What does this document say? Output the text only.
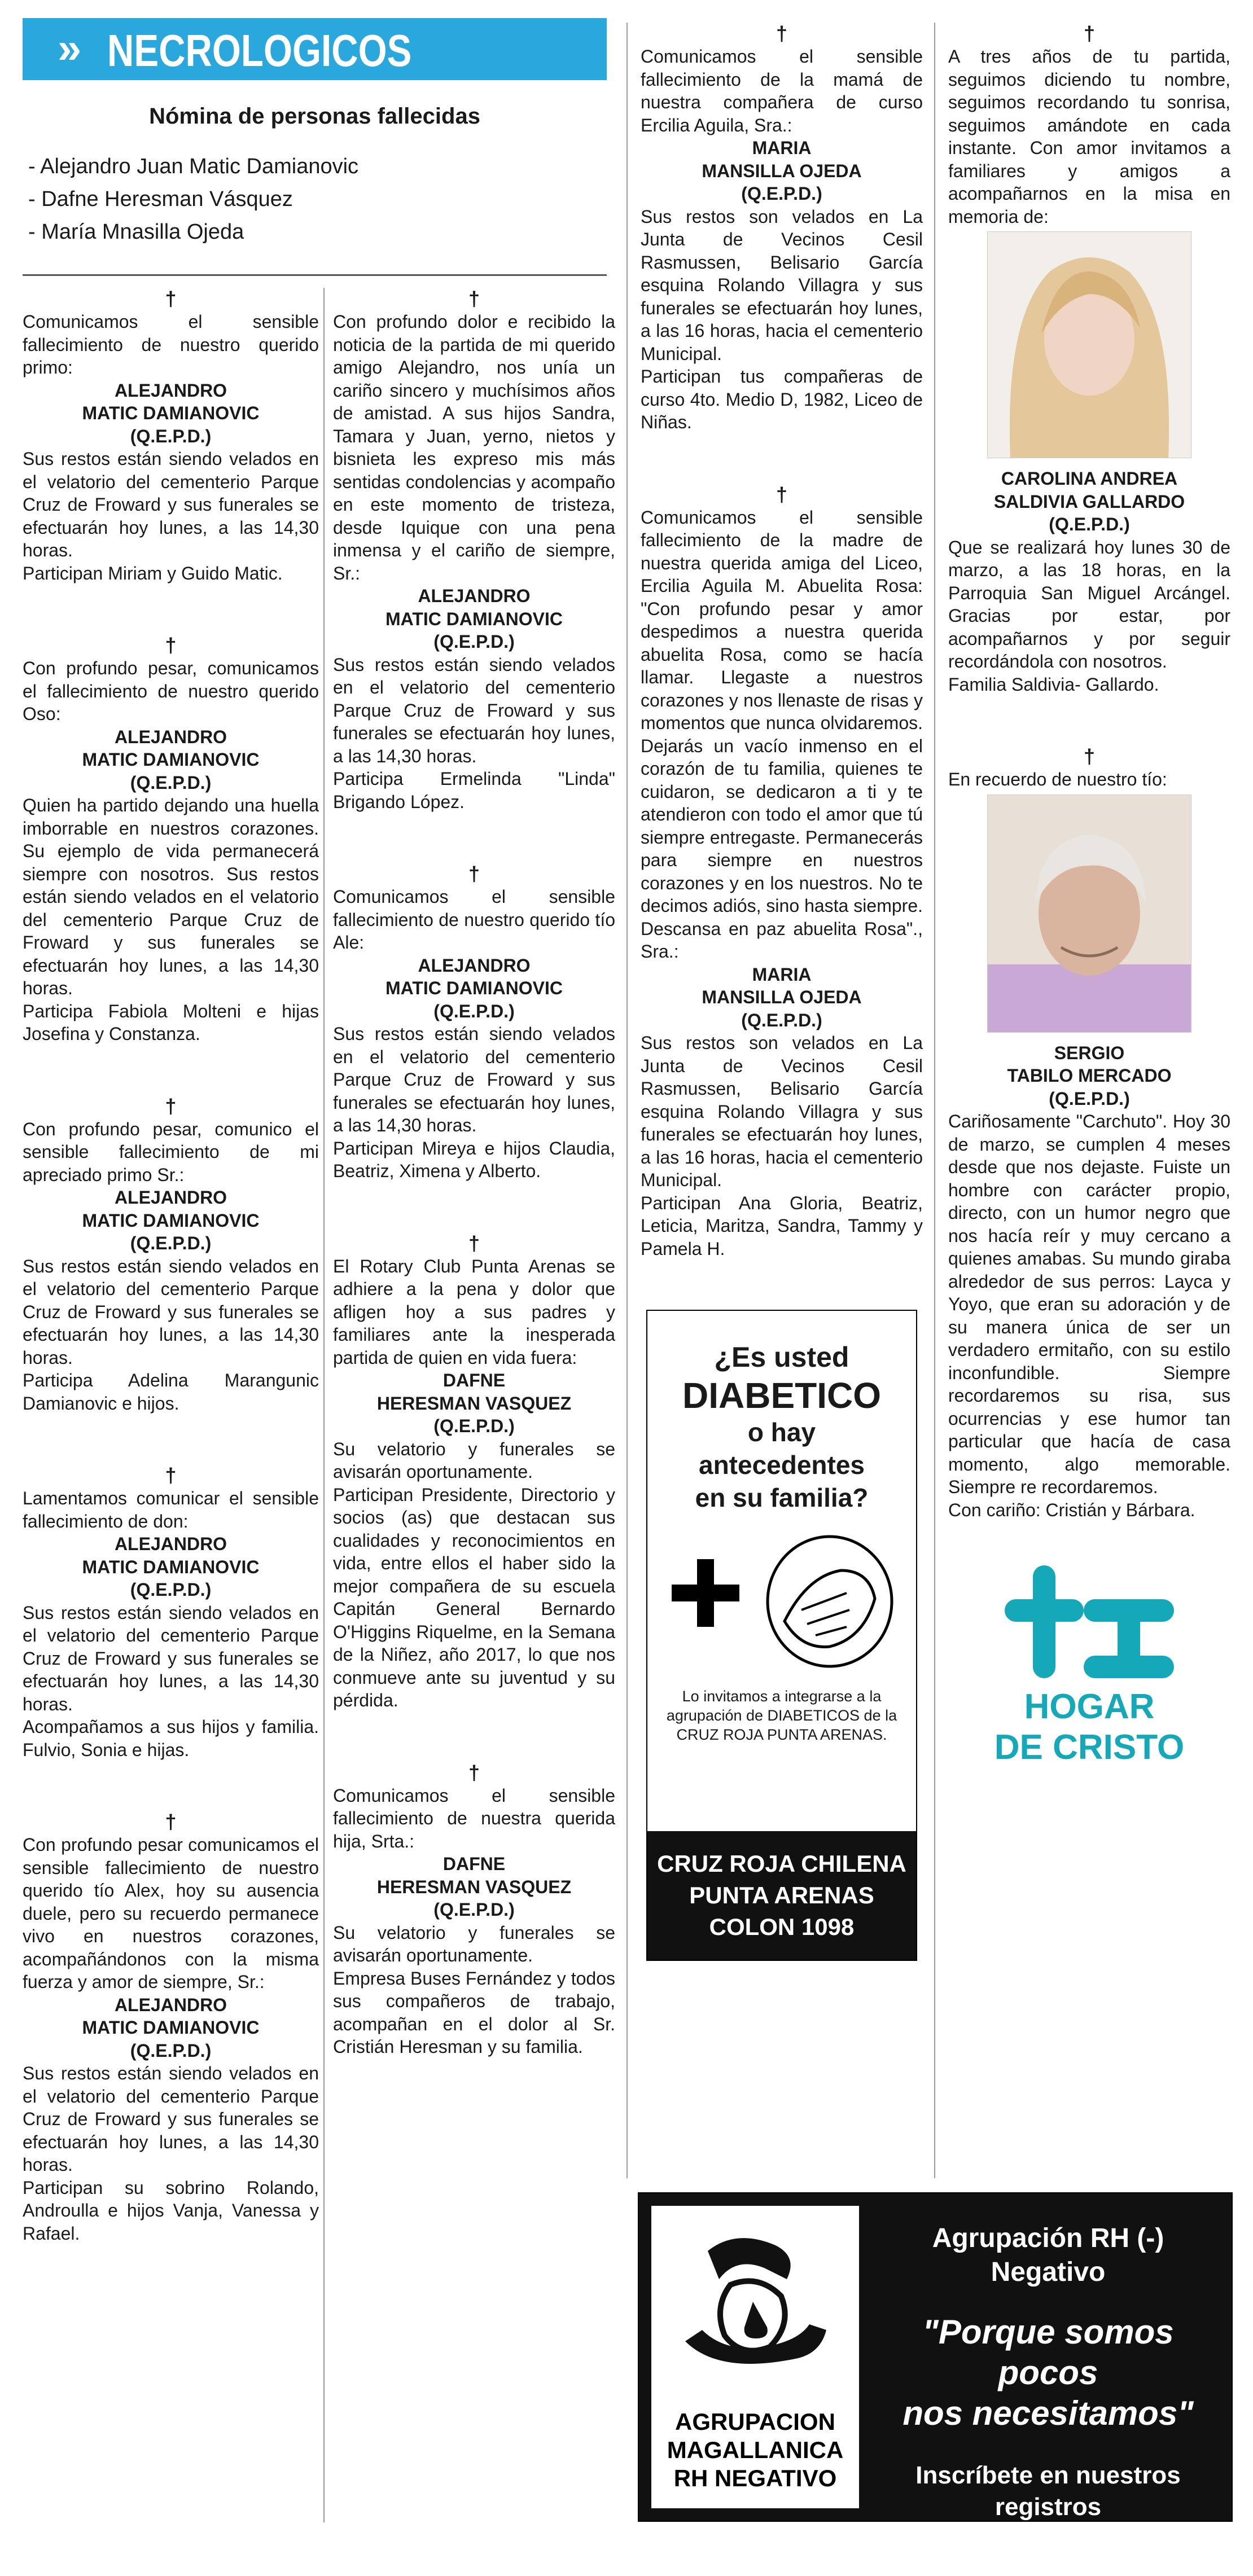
» NECROLOGICOS
Nómina de personas fallecidas
- Alejandro Juan Matic Damianovic
- Dafne Heresman Vásquez
- María Mnasilla Ojeda
†

Comunicamos el sensible fallecimiento de nuestro querido primo:

ALEJANDRO
MATIC DAMIANOVIC
(Q.E.P.D.)

Sus restos están siendo velados en el velatorio del cementerio Parque Cruz de Froward y sus funerales se efectuarán hoy lunes, a las 14,30 horas.

Participan Miriam y Guido Matic.

†

Con profundo pesar, comunicamos el fallecimiento de nuestro querido Oso:

ALEJANDRO
MATIC DAMIANOVIC
(Q.E.P.D.)

Quien ha partido dejando una huella imborrable en nuestros corazones. Su ejemplo de vida permanecerá siempre con nosotros. Sus restos están siendo velados en el velatorio del cementerio Parque Cruz de Froward y sus funerales se efectuarán hoy lunes, a las 14,30 horas.

Participa Fabiola Molteni e hijas Josefina y Constanza.

†

Con profundo pesar, comunico el sensible fallecimiento de mi apreciado primo Sr.:

ALEJANDRO
MATIC DAMIANOVIC
(Q.E.P.D.)

Sus restos están siendo velados en el velatorio del cementerio Parque Cruz de Froward y sus funerales se efectuarán hoy lunes, a las 14,30 horas.

Participa Adelina Marangunic Damianovic e hijos.

†

Lamentamos comunicar el sensible fallecimiento de don:

ALEJANDRO
MATIC DAMIANOVIC
(Q.E.P.D.)

Sus restos están siendo velados en el velatorio del cementerio Parque Cruz de Froward y sus funerales se efectuarán hoy lunes, a las 14,30 horas.

Acompañamos a sus hijos y familia. Fulvio, Sonia e hijas.

†

Con profundo pesar comunicamos el sensible fallecimiento de nuestro querido tío Alex, hoy su ausencia duele, pero su recuerdo permanece vivo en nuestros corazones, acompañándonos con la misma fuerza y amor de siempre, Sr.:

ALEJANDRO
MATIC DAMIANOVIC
(Q.E.P.D.)

Sus restos están siendo velados en el velatorio del cementerio Parque Cruz de Froward y sus funerales se efectuarán hoy lunes, a las 14,30 horas.

Participan su sobrino Rolando, Androulla e hijos Vanja, Vanessa y Rafael.

†

Con profundo dolor e recibido la noticia de la partida de mi querido amigo Alejandro, nos unía un cariño sincero y muchísimos años de amistad. A sus hijos Sandra, Tamara y Juan, yerno, nietos y bisnieta les expreso mis más sentidas condolencias y acompaño en este momento de tristeza, desde Iquique con una pena inmensa y el cariño de siempre, Sr.:

ALEJANDRO
MATIC DAMIANOVIC
(Q.E.P.D.)

Sus restos están siendo velados en el velatorio del cementerio Parque Cruz de Froward y sus funerales se efectuarán hoy lunes, a las 14,30 horas.

Participa Ermelinda "Linda" Brigando López.

†

Comunicamos el sensible fallecimiento de nuestro querido tío Ale:

ALEJANDRO
MATIC DAMIANOVIC
(Q.E.P.D.)

Sus restos están siendo velados en el velatorio del cementerio Parque Cruz de Froward y sus funerales se efectuarán hoy lunes, a las 14,30 horas.

Participan Mireya e hijos Claudia, Beatriz, Ximena y Alberto.

†

El Rotary Club Punta Arenas se adhiere a la pena y dolor que afligen hoy a sus padres y familiares ante la inesperada partida de quien en vida fuera:

DAFNE
HERESMAN VASQUEZ
(Q.E.P.D.)

Su velatorio y funerales se avisarán oportunamente.

Participan Presidente, Directorio y socios (as) que destacan sus cualidades y reconocimientos en vida, entre ellos el haber sido la mejor compañera de su escuela Capitán General Bernardo O'Higgins Riquelme, en la Semana de la Niñez, año 2017, lo que nos conmueve ante su juventud y su pérdida.

†

Comunicamos el sensible fallecimiento de nuestra querida hija, Srta.:

DAFNE
HERESMAN VASQUEZ
(Q.E.P.D.)

Su velatorio y funerales se avisarán oportunamente.

Empresa Buses Fernández y todos sus compañeros de trabajo, acompañan en el dolor al Sr. Cristián Heresman y su familia.

†

Comunicamos el sensible fallecimiento de la mamá de nuestra compañera de curso Ercilia Aguila, Sra.:

MARIA
MANSILLA OJEDA
(Q.E.P.D.)

Sus restos son velados en La Junta de Vecinos Cesil Rasmussen, Belisario García esquina Rolando Villagra y sus funerales se efectuarán hoy lunes, a las 16 horas, hacia el cementerio Municipal.

Participan tus compañeras de curso 4to. Medio D, 1982, Liceo de Niñas.

†

Comunicamos el sensible fallecimiento de la madre de nuestra querida amiga del Liceo, Ercilia Aguila M. Abuelita Rosa: "Con profundo pesar y amor despedimos a nuestra querida abuelita Rosa, como se hacía llamar. Llegaste a nuestros corazones y nos llenaste de risas y momentos que nunca olvidaremos. Dejarás un vacío inmenso en el corazón de tu familia, quienes te cuidaron, se dedicaron a ti y te atendieron con todo el amor que tú siempre entregaste. Permanecerás para siempre en nuestros corazones y en los nuestros. No te decimos adiós, sino hasta siempre. Descansa en paz abuelita Rosa"., Sra.:

MARIA
MANSILLA OJEDA
(Q.E.P.D.)

Sus restos son velados en La Junta de Vecinos Cesil Rasmussen, Belisario García esquina Rolando Villagra y sus funerales se efectuarán hoy lunes, a las 16 horas, hacia el cementerio Municipal.

Participan Ana Gloria, Beatriz, Leticia, Maritza, Sandra, Tammy y Pamela H.

¿Es usted
DIABETICO
o hay
antecedentes
en su familia?
Lo invitamos a integrarse a la agrupación de DIABETICOS de la CRUZ ROJA PUNTA ARENAS.
CRUZ ROJA CHILENA
PUNTA ARENAS
COLON 1098
†

A tres años de tu partida, seguimos diciendo tu nombre, seguimos recordando tu sonrisa, seguimos amándote en cada instante. Con amor invitamos a familiares y amigos a acompañarnos en la misa en memoria de:

CAROLINA ANDREA
SALDIVIA GALLARDO
(Q.E.P.D.)

Que se realizará hoy lunes 30 de marzo, a las 18 horas, en la Parroquia San Miguel Arcángel. Gracias por estar, por acompañarnos y por seguir recordándola con nosotros.

Familia Saldivia- Gallardo.

†

En recuerdo de nuestro tío:

SERGIO
TABILO MERCADO
(Q.E.P.D.)

Cariñosamente "Carchuto". Hoy 30 de marzo, se cumplen 4 meses desde que nos dejaste. Fuiste un hombre con carácter propio, directo, con un humor negro que nos hacía reír y muy cercano a quienes amabas. Su mundo giraba alrededor de sus perros: Layca y Yoyo, que eran su adoración y de su manera única de ser un verdadero ermitaño, con su estilo inconfundible. Siempre recordaremos su risa, sus ocurrencias y ese humor tan particular que hacía de casa momento, algo memorable. Siempre re recordaremos.

Con cariño: Cristián y Bárbara.

HOGAR
DE CRISTO
AGRUPACION
MAGALLANICA
RH NEGATIVO
Agrupación RH (-) Negativo
"Porque somos pocos
nos necesitamos"
Inscríbete en nuestros registros
212428 - 98329872
